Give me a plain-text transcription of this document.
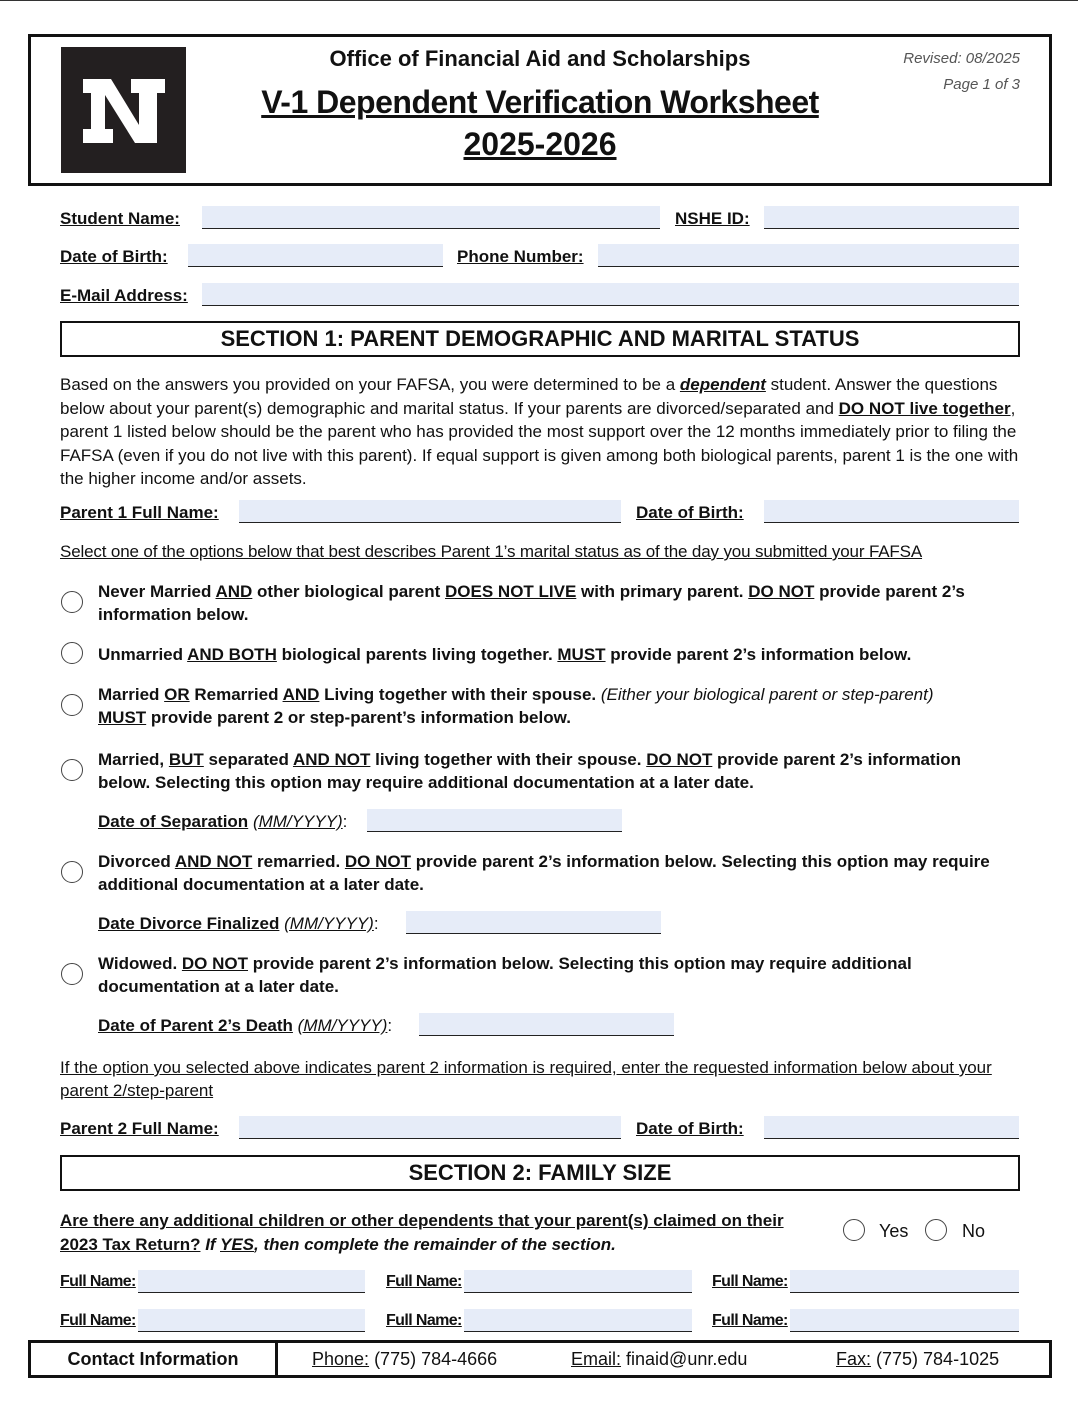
Office of Financial Aid and Scholarships
V-1 Dependent Verification Worksheet
2025-2026
Revised: 08/2025
Page 1 of 3
Student Name:	NSHE ID:
Date of Birth:	Phone Number:
E-Mail Address:
SECTION 1: PARENT DEMOGRAPHIC AND MARITAL STATUS
Based on the answers you provided on your FAFSA, you were determined to be a dependent student. Answer the questions below about your parent(s) demographic and marital status. If your parents are divorced/separated and DO NOT live together, parent 1 listed below should be the parent who has provided the most support over the 12 months immediately prior to filing the FAFSA (even if you do not live with this parent). If equal support is given among both biological parents, parent 1 is the one with the higher income and/or assets.
Parent 1 Full Name:	Date of Birth:
Select one of the options below that best describes Parent 1’s marital status as of the day you submitted your FAFSA
Never Married AND other biological parent DOES NOT LIVE with primary parent. DO NOT provide parent 2’s information below.
Unmarried AND BOTH biological parents living together. MUST provide parent 2’s information below.
Married OR Remarried AND Living together with their spouse. (Either your biological parent or step-parent)
MUST provide parent 2 or step-parent’s information below.
Married, BUT separated AND NOT living together with their spouse. DO NOT provide parent 2’s information below. Selecting this option may require additional documentation at a later date.
Date of Separation (MM/YYYY):
Divorced AND NOT remarried. DO NOT provide parent 2’s information below. Selecting this option may require additional documentation at a later date.
Date Divorce Finalized (MM/YYYY):
Widowed. DO NOT provide parent 2’s information below. Selecting this option may require additional documentation at a later date.
Date of Parent 2’s Death (MM/YYYY):
If the option you selected above indicates parent 2 information is required, enter the requested information below about your parent 2/step-parent
Parent 2 Full Name:	Date of Birth:
SECTION 2: FAMILY SIZE
Are there any additional children or other dependents that your parent(s) claimed on their 2023 Tax Return? If YES, then complete the remainder of the section.
Yes	No
Full Name:	Full Name:	Full Name:
Full Name:	Full Name:	Full Name:
Contact Information	Phone: (775) 784-4666	Email: finaid@unr.edu	Fax: (775) 784-1025
